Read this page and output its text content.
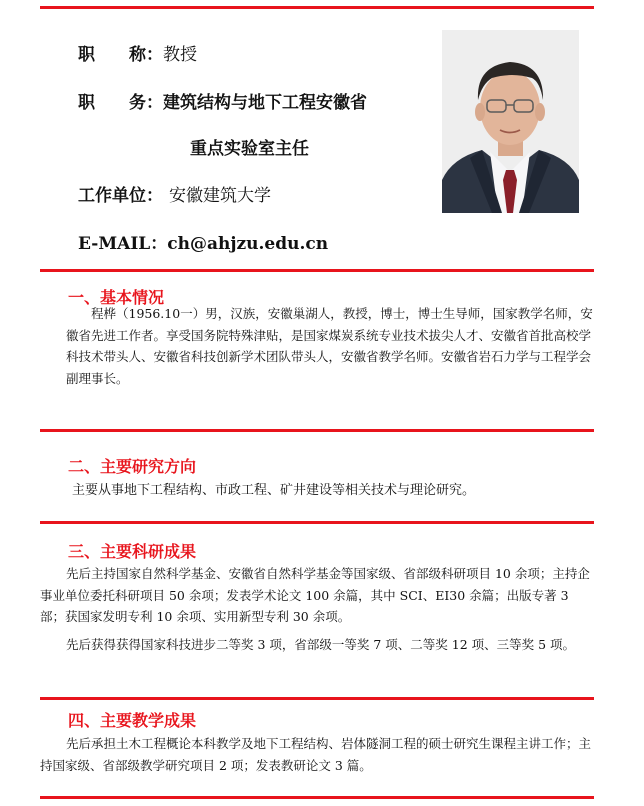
职　　称：教授
职　　务：建筑结构与地下工程安徽省
重点实验室主任
工作单位： 安徽建筑大学
E-MAIL：ch@ahjzu.edu.cn
一、基本情况

程桦（1956.10一）男，汉族，安徽巢湖人，教授，博士，博士生导师，国家教学名师，安徽省先进工作者。享受国务院特殊津贴，是国家煤炭系统专业技术拔尖人才、安徽省首批高校学科技术带头人、安徽省科技创新学术团队带头人，安徽省教学名师。安徽省岩石力学与工程学会副理事长。

二、主要研究方向

主要从事地下工程结构、市政工程、矿井建设等相关技术与理论研究。

三、主要科研成果

先后主持国家自然科学基金、安徽省自然科学基金等国家级、省部级科研项目 10 余项；主持企事业单位委托科研项目 50 余项；发表学术论文 100 余篇，其中 SCI、EI30 余篇；出版专著 3 部；获国家发明专利 10 余项、实用新型专利 30 余项。

先后获得获得国家科技进步二等奖 3 项，省部级一等奖 7 项、二等奖 12 项、三等奖 5 项。

四、主要教学成果

先后承担土木工程概论本科教学及地下工程结构、岩体隧洞工程的硕士研究生课程主讲工作；主持国家级、省部级教学研究项目 2 项；发表教研论文 3 篇。
